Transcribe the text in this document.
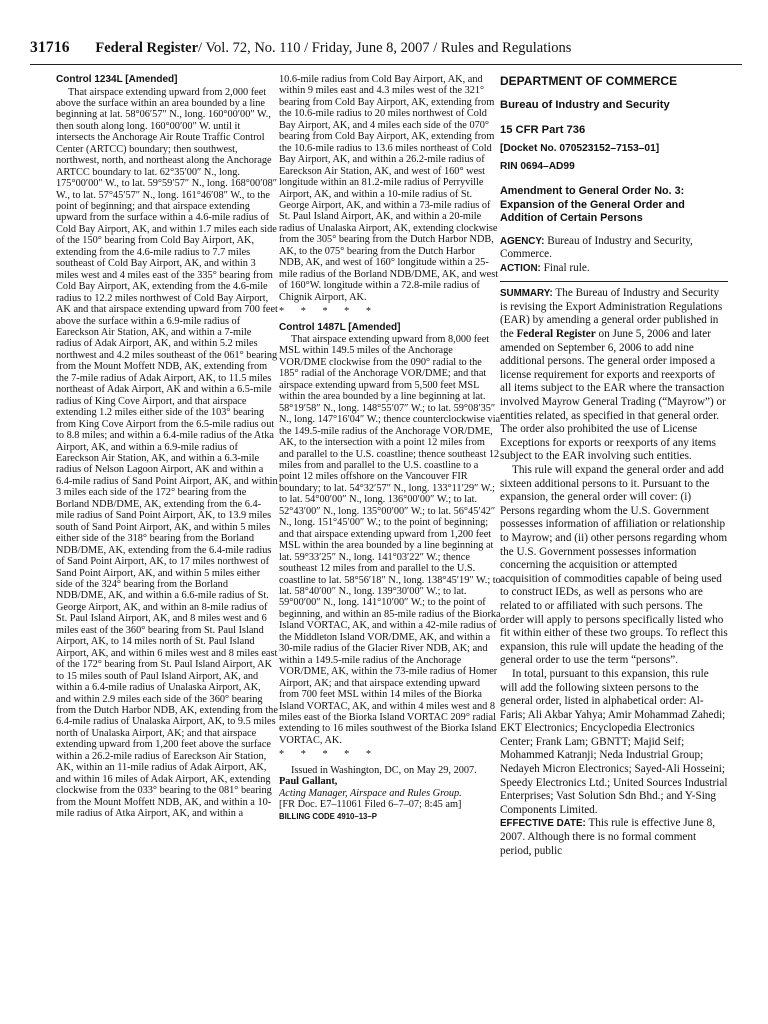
31716 Federal Register/ Vol. 72, No. 110 / Friday, June 8, 2007 / Rules and Regulations

Control 1234L [Amended]

That airspace extending upward from 2,000 feet above the surface within an area bounded by a line beginning at lat. 58°06′57″ N., long. 160°00′00″ W., then south along long. 160°00′00″ W. until it intersects the Anchorage Air Route Traffic Control Center (ARTCC) boundary; then southwest, northwest, north, and northeast along the Anchorage ARTCC boundary to lat. 62°35′00″ N., long. 175°00′00″ W., to lat. 59°59′57″ N., long. 168°00′08″ W., to lat. 57°45′57″ N., long. 161°46′08″ W., to the point of beginning; and that airspace extending upward from the surface within a 4.6-mile radius of Cold Bay Airport, AK, and within 1.7 miles each side of the 150° bearing from Cold Bay Airport, AK, extending from the 4.6-mile radius to 7.7 miles southeast of Cold Bay Airport, AK, and within 3 miles west and 4 miles east of the 335° bearing from Cold Bay Airport, AK, extending from the 4.6-mile radius to 12.2 miles northwest of Cold Bay Airport, AK and that airspace extending upward from 700 feet above the surface within a 6.9-mile radius of Eareckson Air Station, AK, and within a 7-mile radius of Adak Airport, AK, and within 5.2 miles northwest and 4.2 miles southeast of the 061° bearing from the Mount Moffett NDB, AK, extending from the 7-mile radius of Adak Airport, AK, to 11.5 miles northeast of Adak Airport, AK and within a 6.5-mile radius of King Cove Airport, and that airspace extending 1.2 miles either side of the 103° bearing from King Cove Airport from the 6.5-mile radius out to 8.8 miles; and within a 6.4-mile radius of the Atka Airport, AK, and within a 6.9-mile radius of Eareckson Air Station, AK, and within a 6.3-mile radius of Nelson Lagoon Airport, AK and within a 6.4-mile radius of Sand Point Airport, AK, and within 3 miles each side of the 172° bearing from the Borland NDB/DME, AK, extending from the 6.4-mile radius of Sand Point Airport, AK, to 13.9 miles south of Sand Point Airport, AK, and within 5 miles either side of the 318° bearing from the Borland NDB/DME, AK, extending from the 6.4-mile radius of Sand Point Airport, AK, to 17 miles northwest of Sand Point Airport, AK, and within 5 miles either side of the 324° bearing from the Borland NDB/DME, AK, and within a 6.6-mile radius of St. George Airport, AK, and within an 8-mile radius of St. Paul Island Airport, AK, and 8 miles west and 6 miles east of the 360° bearing from St. Paul Island Airport, AK, to 14 miles north of St. Paul Island Airport, AK, and within 6 miles west and 8 miles east of the 172° bearing from St. Paul Island Airport, AK to 15 miles south of Paul Island Airport, AK, and within a 6.4-mile radius of Unalaska Airport, AK, and within 2.9 miles each side of the 360° bearing from the Dutch Harbor NDB, AK, extending from the 6.4-mile radius of Unalaska Airport, AK, to 9.5 miles north of Unalaska Airport, AK; and that airspace extending upward from 1,200 feet above the surface within a 26.2-mile radius of Eareckson Air Station, AK, within an 11-mile radius of Adak Airport, AK, and within 16 miles of Adak Airport, AK, extending clockwise from the 033° bearing to the 081° bearing from the Mount Moffett NDB, AK, and within a 10-mile radius of Atka Airport, AK, and within a

10.6-mile radius from Cold Bay Airport, AK, and within 9 miles east and 4.3 miles west of the 321° bearing from Cold Bay Airport, AK, extending from the 10.6-mile radius to 20 miles northwest of Cold Bay Airport, AK, and 4 miles each side of the 070° bearing from Cold Bay Airport, AK, extending from the 10.6-mile radius to 13.6 miles northeast of Cold Bay Airport, AK, and within a 26.2-mile radius of Eareckson Air Station, AK, and west of 160° west longitude within an 81.2-mile radius of Perryville Airport, AK, and within a 10-mile radius of St. George Airport, AK, and within a 73-mile radius of St. Paul Island Airport, AK, and within a 20-mile radius of Unalaska Airport, AK, extending clockwise from the 305° bearing from the Dutch Harbor NDB, AK, to the 075° bearing from the Dutch Harbor NDB, AK, and west of 160° longitude within a 25-mile radius of the Borland NDB/DME, AK, and west of 160°W. longitude within a 72.8-mile radius of Chignik Airport, AK.

* * * * *

Control 1487L [Amended]

That airspace extending upward from 8,000 feet MSL within 149.5 miles of the Anchorage VOR/DME clockwise from the 090° radial to the 185° radial of the Anchorage VOR/DME; and that airspace extending upward from 5,500 feet MSL within the area bounded by a line beginning at lat. 58°19′58″ N., long. 148°55′07″ W.; to lat. 59°08′35″ N., long. 147°16′04″ W.; thence counterclockwise via the 149.5-mile radius of the Anchorage VOR/DME, AK, to the intersection with a point 12 miles from and parallel to the U.S. coastline; thence southeast 12 miles from and parallel to the U.S. coastline to a point 12 miles offshore on the Vancouver FIR boundary; to lat. 54°32′57″ N., long. 133°11′29″ W.; to lat. 54°00′00″ N., long. 136°00′00″ W.; to lat. 52°43′00″ N., long. 135°00′00″ W.; to lat. 56°45′42″ N., long. 151°45′00″ W.; to the point of beginning; and that airspace extending upward from 1,200 feet MSL within the area bounded by a line beginning at lat. 59°33′25″ N., long. 141°03′22″ W.; thence southeast 12 miles from and parallel to the U.S. coastline to lat. 58°56′18″ N., long. 138°45′19″ W.; to lat. 58°40′00″ N., long. 139°30′00″ W.; to lat. 59°00′00″ N., long. 141°10′00″ W.; to the point of beginning, and within an 85-mile radius of the Biorka Island VORTAC, AK, and within a 42-mile radius of the Middleton Island VOR/DME, AK, and within a 30-mile radius of the Glacier River NDB, AK; and within a 149.5-mile radius of the Anchorage VOR/DME, AK, within the 73-mile radius of Homer Airport, AK; and that airspace extending upward from 700 feet MSL within 14 miles of the Biorka Island VORTAC, AK, and within 4 miles west and 8 miles east of the Biorka Island VORTAC 209° radial extending to 16 miles southwest of the Biorka Island VORTAC, AK.

* * * * *

Issued in Washington, DC, on May 29, 2007.

Paul Gallant,

Acting Manager, Airspace and Rules Group.

[FR Doc. E7–11061 Filed 6–7–07; 8:45 am]

BILLING CODE 4910–13–P

DEPARTMENT OF COMMERCE

Bureau of Industry and Security

15 CFR Part 736

[Docket No. 070523152–7153–01]

RIN 0694–AD99

Amendment to General Order No. 3: Expansion of the General Order and Addition of Certain Persons

AGENCY: Bureau of Industry and Security, Commerce.

ACTION: Final rule.

SUMMARY: The Bureau of Industry and Security is revising the Export Administration Regulations (EAR) by amending a general order published in the Federal Register on June 5, 2006 and later amended on September 6, 2006 to add nine additional persons. The general order imposed a license requirement for exports and reexports of all items subject to the EAR where the transaction involved Mayrow General Trading (“Mayrow”) or entities related, as specified in that general order. The order also prohibited the use of License Exceptions for exports or reexports of any items subject to the EAR involving such entities.

This rule will expand the general order and add sixteen additional persons to it. Pursuant to the expansion, the general order will cover: (i) Persons regarding whom the U.S. Government possesses information of affiliation or relationship to Mayrow; and (ii) other persons regarding whom the U.S. Government possesses information concerning the acquisition or attempted acquisition of commodities capable of being used to construct IEDs, as well as persons who are related to or affiliated with such persons. The order will apply to persons specifically listed who fit within either of these two groups. To reflect this expansion, this rule will update the heading of the general order to use the term “persons”.

In total, pursuant to this expansion, this rule will add the following sixteen persons to the general order, listed in alphabetical order: Al-Faris; Ali Akbar Yahya; Amir Mohammad Zahedi; EKT Electronics; Encyclopedia Electronics Center; Frank Lam; GBNTT; Majid Seif; Mohammed Katranji; Neda Industrial Group; Nedayeh Micron Electronics; Sayed-Ali Hosseini; Speedy Electronics Ltd.; United Sources Industrial Enterprises; Vast Solution Sdn Bhd.; and Y-Sing Components Limited.

EFFECTIVE DATE: This rule is effective June 8, 2007. Although there is no formal comment period, public
